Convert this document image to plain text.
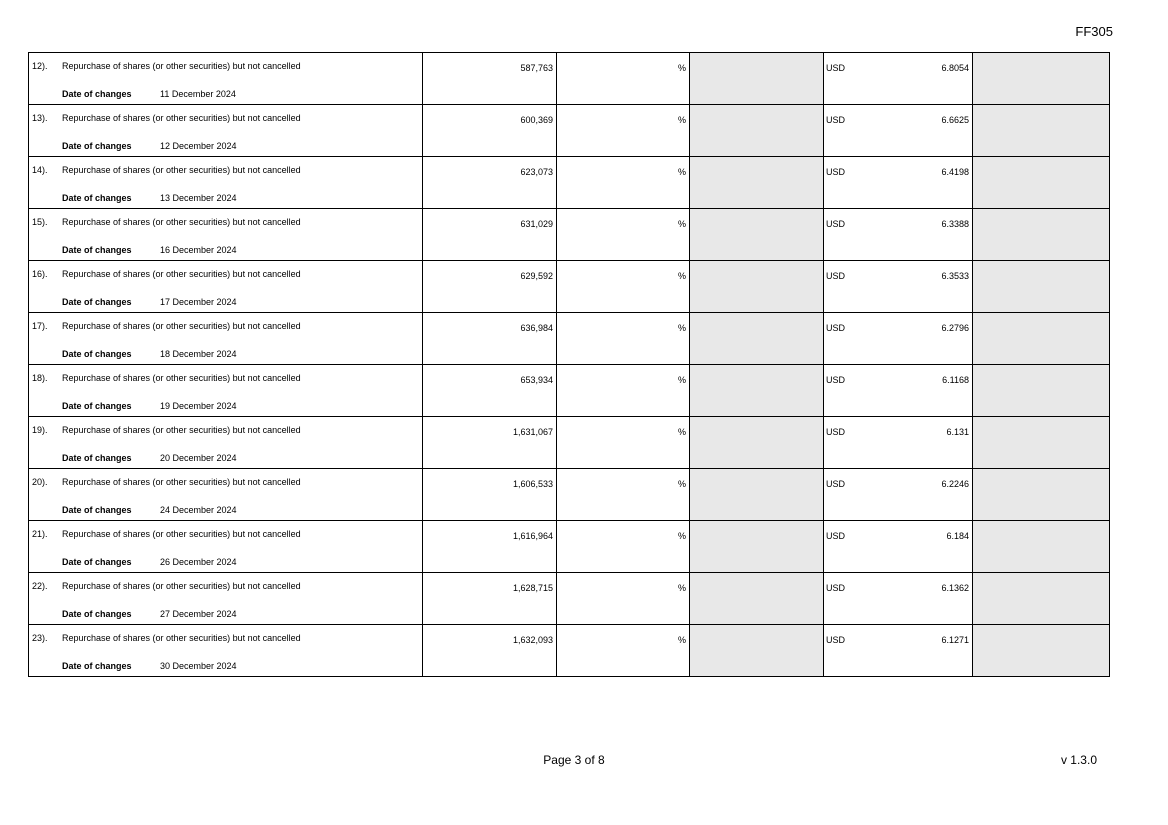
FF305
12). Repurchase of shares (or other securities) but not cancelled
Date of changes 11 December 2024	587,763	%		USD 6.8054	

13). Repurchase of shares (or other securities) but not cancelled
Date of changes 12 December 2024	600,369	%		USD 6.6625	

14). Repurchase of shares (or other securities) but not cancelled
Date of changes 13 December 2024	623,073	%		USD 6.4198	

15). Repurchase of shares (or other securities) but not cancelled
Date of changes 16 December 2024	631,029	%		USD 6.3388	

16). Repurchase of shares (or other securities) but not cancelled
Date of changes 17 December 2024	629,592	%		USD 6.3533	

17). Repurchase of shares (or other securities) but not cancelled
Date of changes 18 December 2024	636,984	%		USD 6.2796	

18). Repurchase of shares (or other securities) but not cancelled
Date of changes 19 December 2024	653,934	%		USD 6.1168	

19). Repurchase of shares (or other securities) but not cancelled
Date of changes 20 December 2024	1,631,067	%		USD 6.131	

20). Repurchase of shares (or other securities) but not cancelled
Date of changes 24 December 2024	1,606,533	%		USD 6.2246	

21). Repurchase of shares (or other securities) but not cancelled
Date of changes 26 December 2024	1,616,964	%		USD 6.184	

22). Repurchase of shares (or other securities) but not cancelled
Date of changes 27 December 2024	1,628,715	%		USD 6.1362	

23). Repurchase of shares (or other securities) but not cancelled
Date of changes 30 December 2024	1,632,093	%		USD 6.1271	

Page 3 of 8	v 1.3.0
